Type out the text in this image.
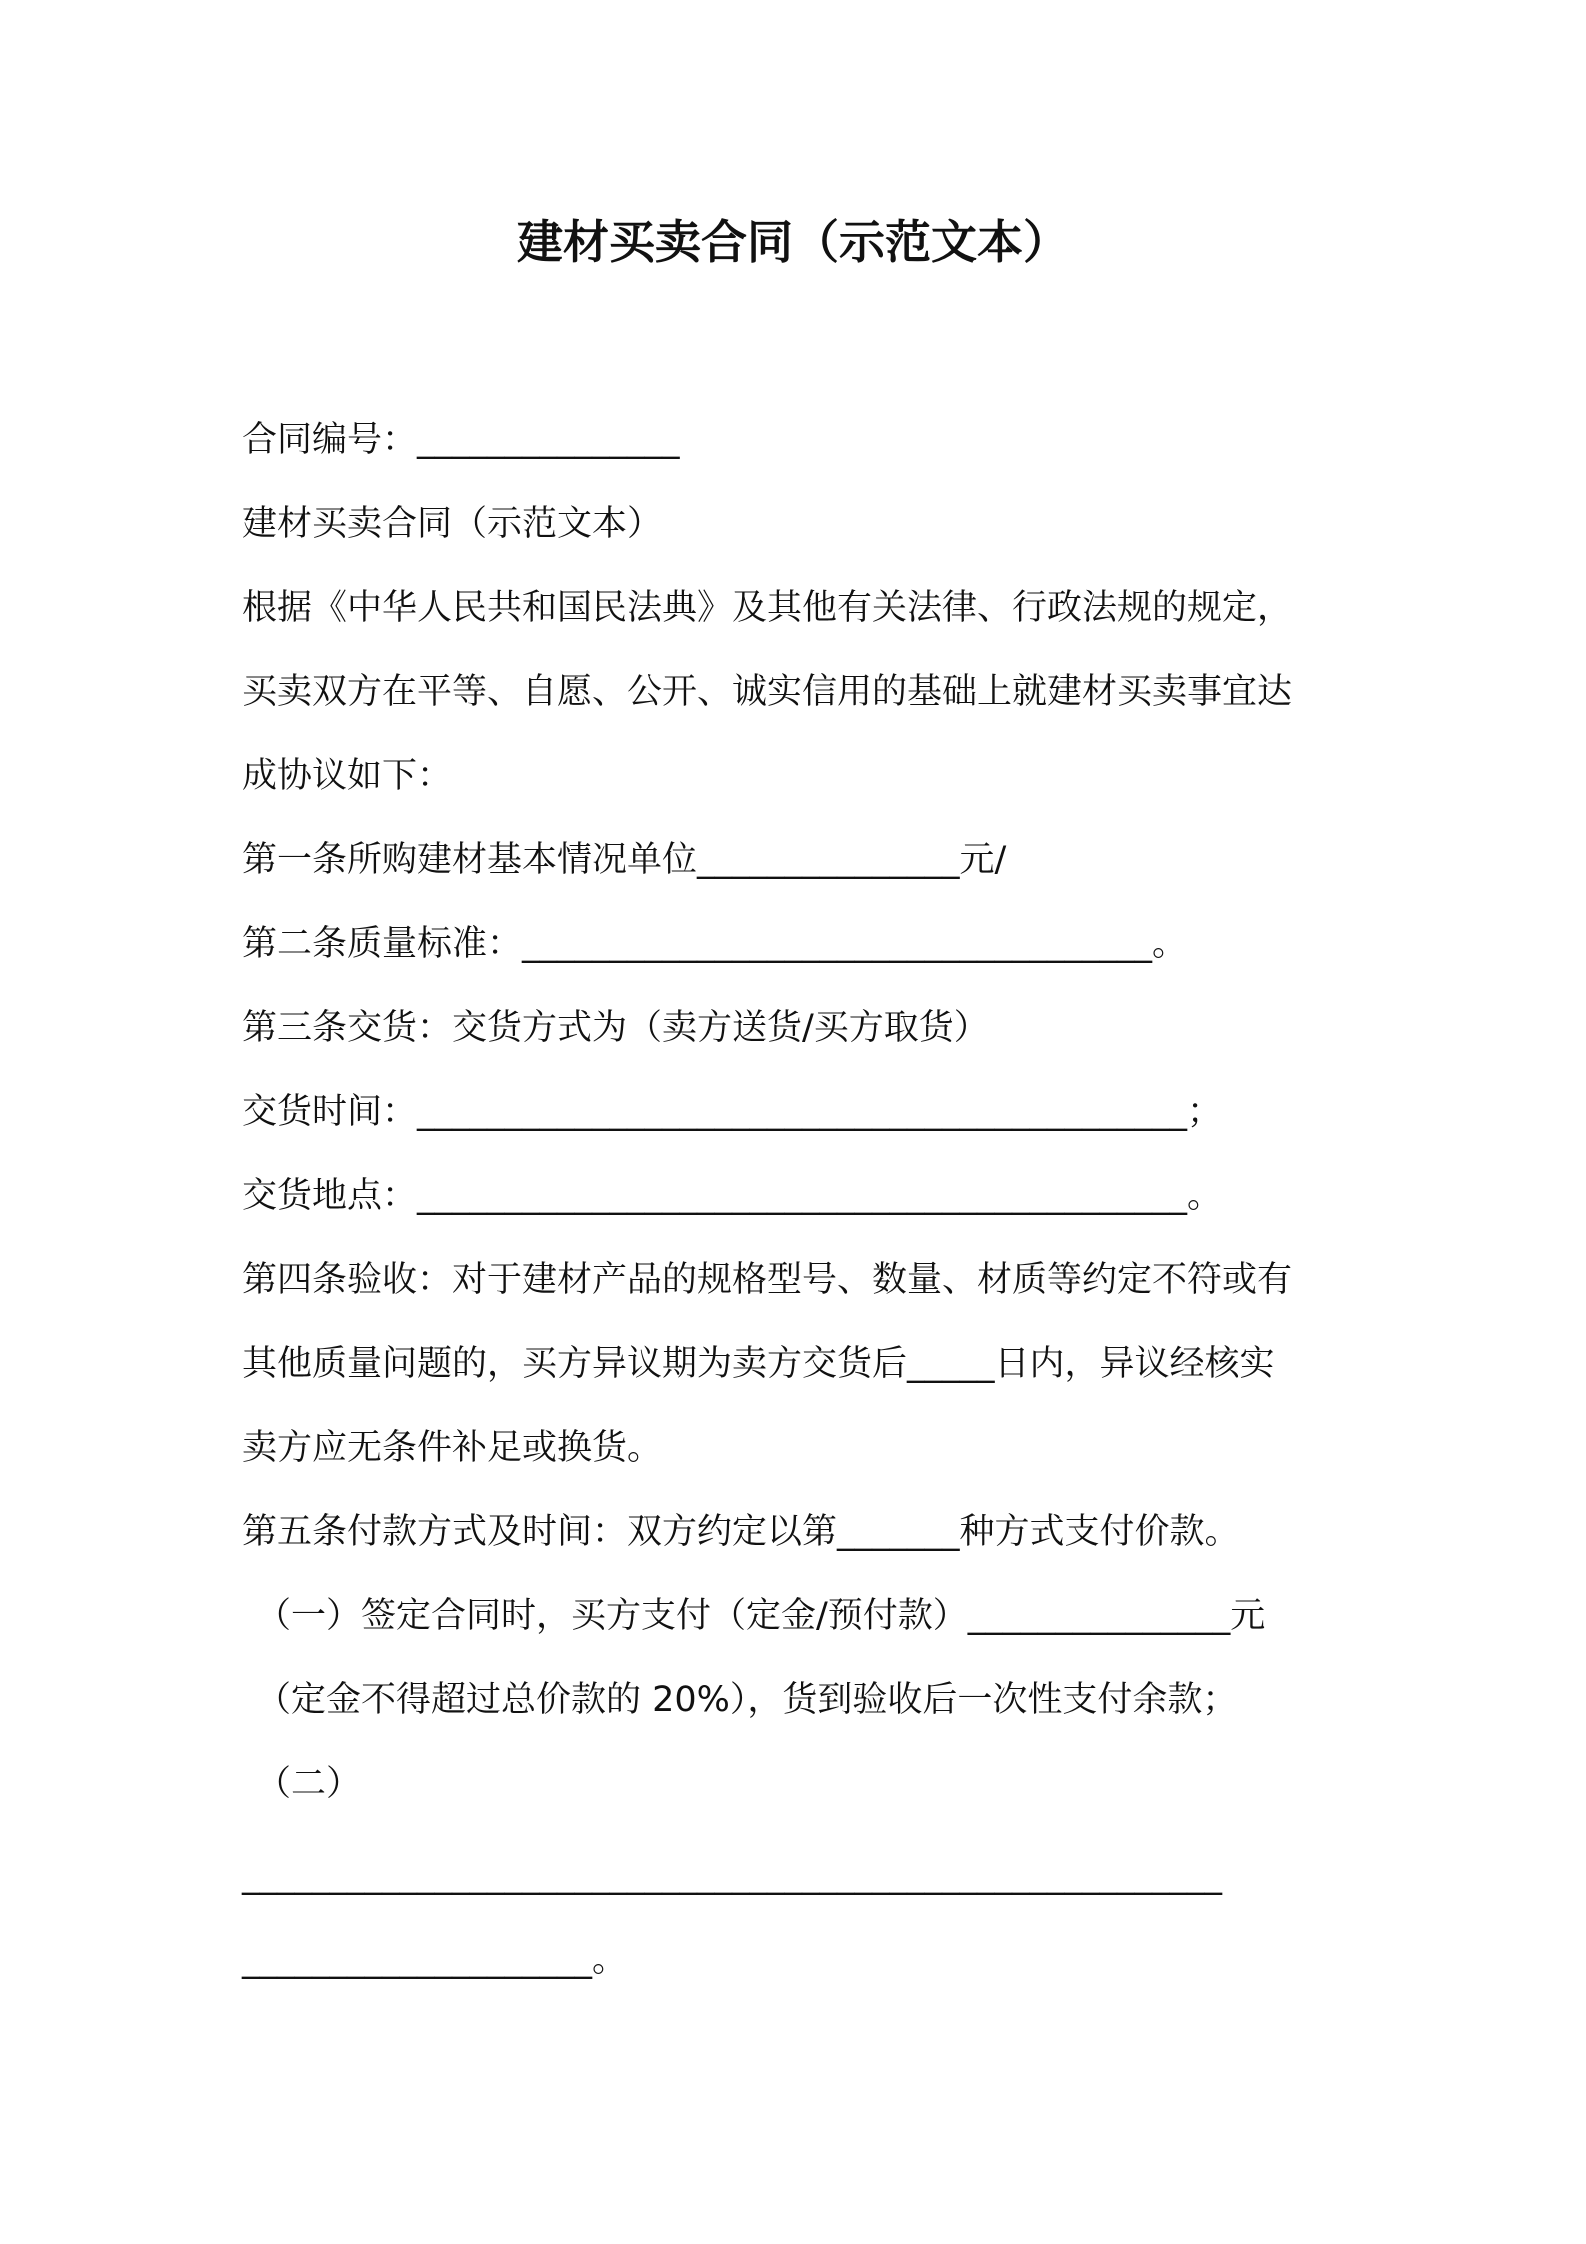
建材买卖合同（示范文本）
合同编号：_______________
建材买卖合同（示范文本）
根据《中华人民共和国民法典》及其他有关法律、行政法规的规定，
买卖双方在平等、自愿、公开、诚实信用的基础上就建材买卖事宜达
成协议如下：
第一条所购建材基本情况单位_______________元/
第二条质量标准：____________________________________。
第三条交货：交货方式为（卖方送货/买方取货）
交货时间：____________________________________________；
交货地点：____________________________________________。
第四条验收：对于建材产品的规格型号、数量、材质等约定不符或有
其他质量问题的，买方异议期为卖方交货后_____日内，异议经核实
卖方应无条件补足或换货。
第五条付款方式及时间：双方约定以第_______种方式支付价款。
（一）签定合同时，买方支付（定金/预付款）_______________元
（定金不得超过总价款的 20%），货到验收后一次性支付余款；
（二）
________________________________________________________
____________________。
